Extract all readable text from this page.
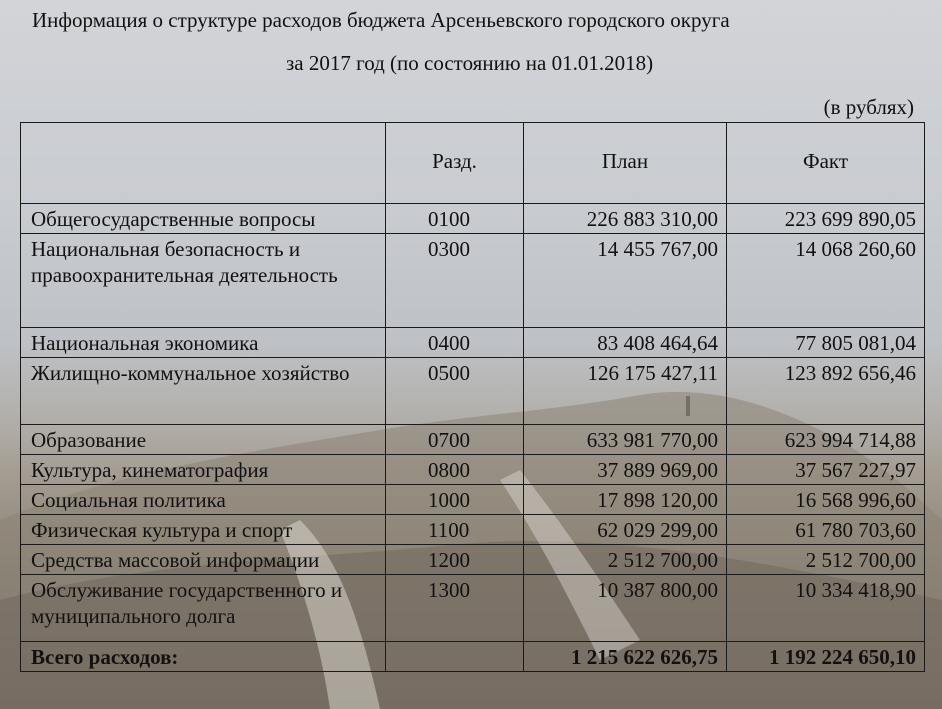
Информация о структуре расходов бюджета Арсеньевского городского округа
за 2017 год (по состоянию на 01.01.2018)
(в рублях)
	Разд.	План	Факт
Общегосударственные вопросы	0100	226 883 310,00	223 699 890,05
Национальная безопасность и правоохранительная деятельность	0300	14 455 767,00	14 068 260,60
Национальная экономика	0400	83 408 464,64	77 805 081,04
Жилищно-коммунальное хозяйство	0500	126 175 427,11	123 892 656,46
Образование	0700	633 981 770,00	623 994 714,88
Культура, кинематография	0800	37 889 969,00	37 567 227,97
Социальная политика	1000	17 898 120,00	16 568 996,60
Физическая культура и спорт	1100	62 029 299,00	61 780 703,60
Средства массовой информации	1200	2 512 700,00	2 512 700,00
Обслуживание государственного и муниципального долга	1300	10 387 800,00	10 334 418,90
Всего расходов:		1 215 622 626,75	1 192 224 650,10
